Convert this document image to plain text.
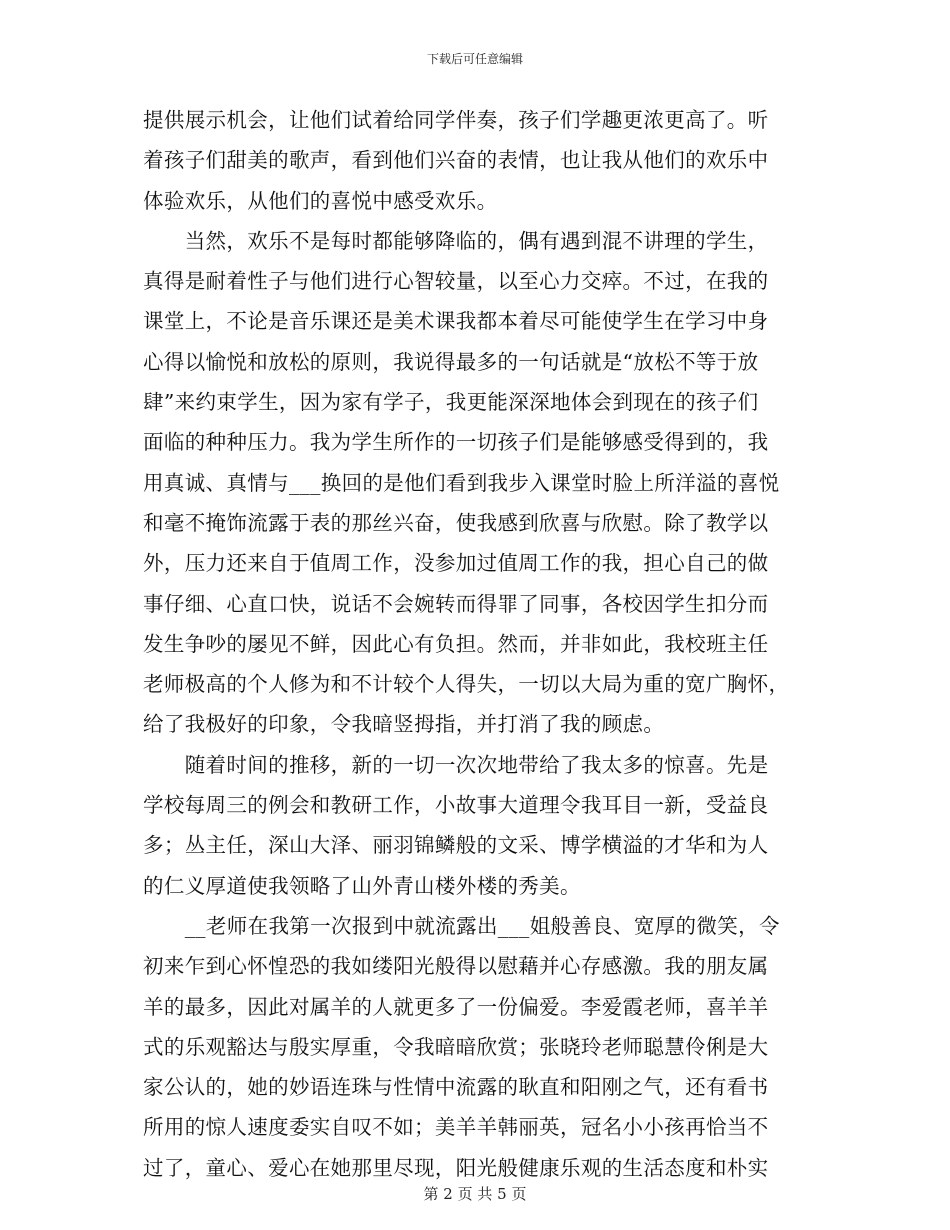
下载后可任意编辑
提供展示机会，让他们试着给同学伴奏，孩子们学趣更浓更高了。听
着孩子们甜美的歌声，看到他们兴奋的表情，也让我从他们的欢乐中
体验欢乐，从他们的喜悦中感受欢乐。
　　当然，欢乐不是每时都能够降临的，偶有遇到混不讲理的学生，
真得是耐着性子与他们进行心智较量，以至心力交瘁。不过，在我的
课堂上，不论是音乐课还是美术课我都本着尽可能使学生在学习中身
心得以愉悦和放松的原则，我说得最多的一句话就是“放松不等于放
肆”来约束学生，因为家有学子，我更能深深地体会到现在的孩子们
面临的种种压力。我为学生所作的一切孩子们是能够感受得到的，我
用真诚、真情与___换回的是他们看到我步入课堂时脸上所洋溢的喜悦
和毫不掩饰流露于表的那丝兴奋，使我感到欣喜与欣慰。除了教学以
外，压力还来自于值周工作，没参加过值周工作的我，担心自己的做
事仔细、心直口快，说话不会婉转而得罪了同事，各校因学生扣分而
发生争吵的屡见不鲜，因此心有负担。然而，并非如此，我校班主任
老师极高的个人修为和不计较个人得失，一切以大局为重的宽广胸怀，
给了我极好的印象，令我暗竖拇指，并打消了我的顾虑。
　　随着时间的推移，新的一切一次次地带给了我太多的惊喜。先是
学校每周三的例会和教研工作，小故事大道理令我耳目一新，受益良
多；丛主任，深山大泽、丽羽锦鳞般的文采、博学横溢的才华和为人
的仁义厚道使我领略了山外青山楼外楼的秀美。
　　__老师在我第一次报到中就流露出___姐般善良、宽厚的微笑，令
初来乍到心怀惶恐的我如缕阳光般得以慰藉并心存感激。我的朋友属
羊的最多，因此对属羊的人就更多了一份偏爱。李爱霞老师，喜羊羊
式的乐观豁达与殷实厚重，令我暗暗欣赏；张晓玲老师聪慧伶俐是大
家公认的，她的妙语连珠与性情中流露的耿直和阳刚之气，还有看书
所用的惊人速度委实自叹不如；美羊羊韩丽英，冠名小小孩再恰当不
过了，童心、爱心在她那里尽现，阳光般健康乐观的生活态度和朴实
第 2 页 共 5 页
